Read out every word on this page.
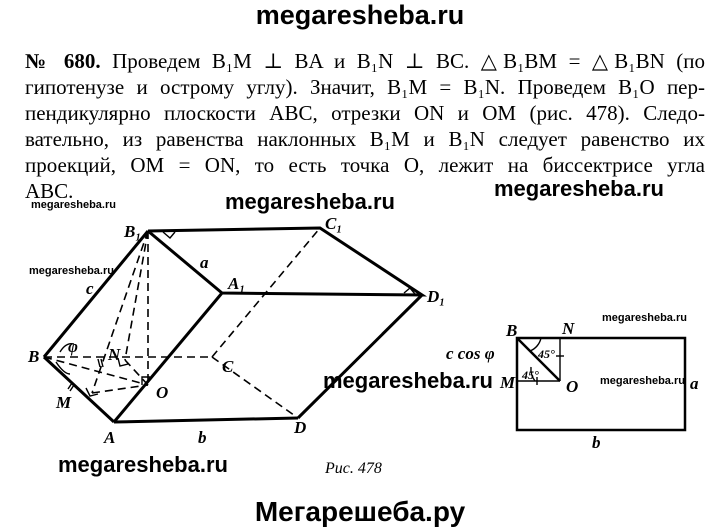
megaresheba.ru
№ 680. Проведем B₁M ⊥ BA и B₁N ⊥ BC. △B₁BM = △B₁BN (по
гипотенузе и острому углу). Значит, B₁M = B₁N. Проведем B₁O пер-
пендикулярно плоскости ABC, отрезки ON и OM (рис. 478). Следо-
вательно, из равенства наклонных B₁M и B₁N следует равенство их
проекций, OM = ON, то есть точка O, лежит на биссектрисе угла
ABC.
B₁	C₁
A₁
D₁
B
C
A
D
M
N
O
a
b
c
φ
B	N
M	O
45°
45°
c cos φ
a
b
megaresheba.ru
megaresheba.ru	megaresheba.ru
megaresheba.ru
megaresheba.ru
megaresheba.ru
megaresheba.ru
megaresheba.ru	Рис. 478
Мегарешеба.ру
